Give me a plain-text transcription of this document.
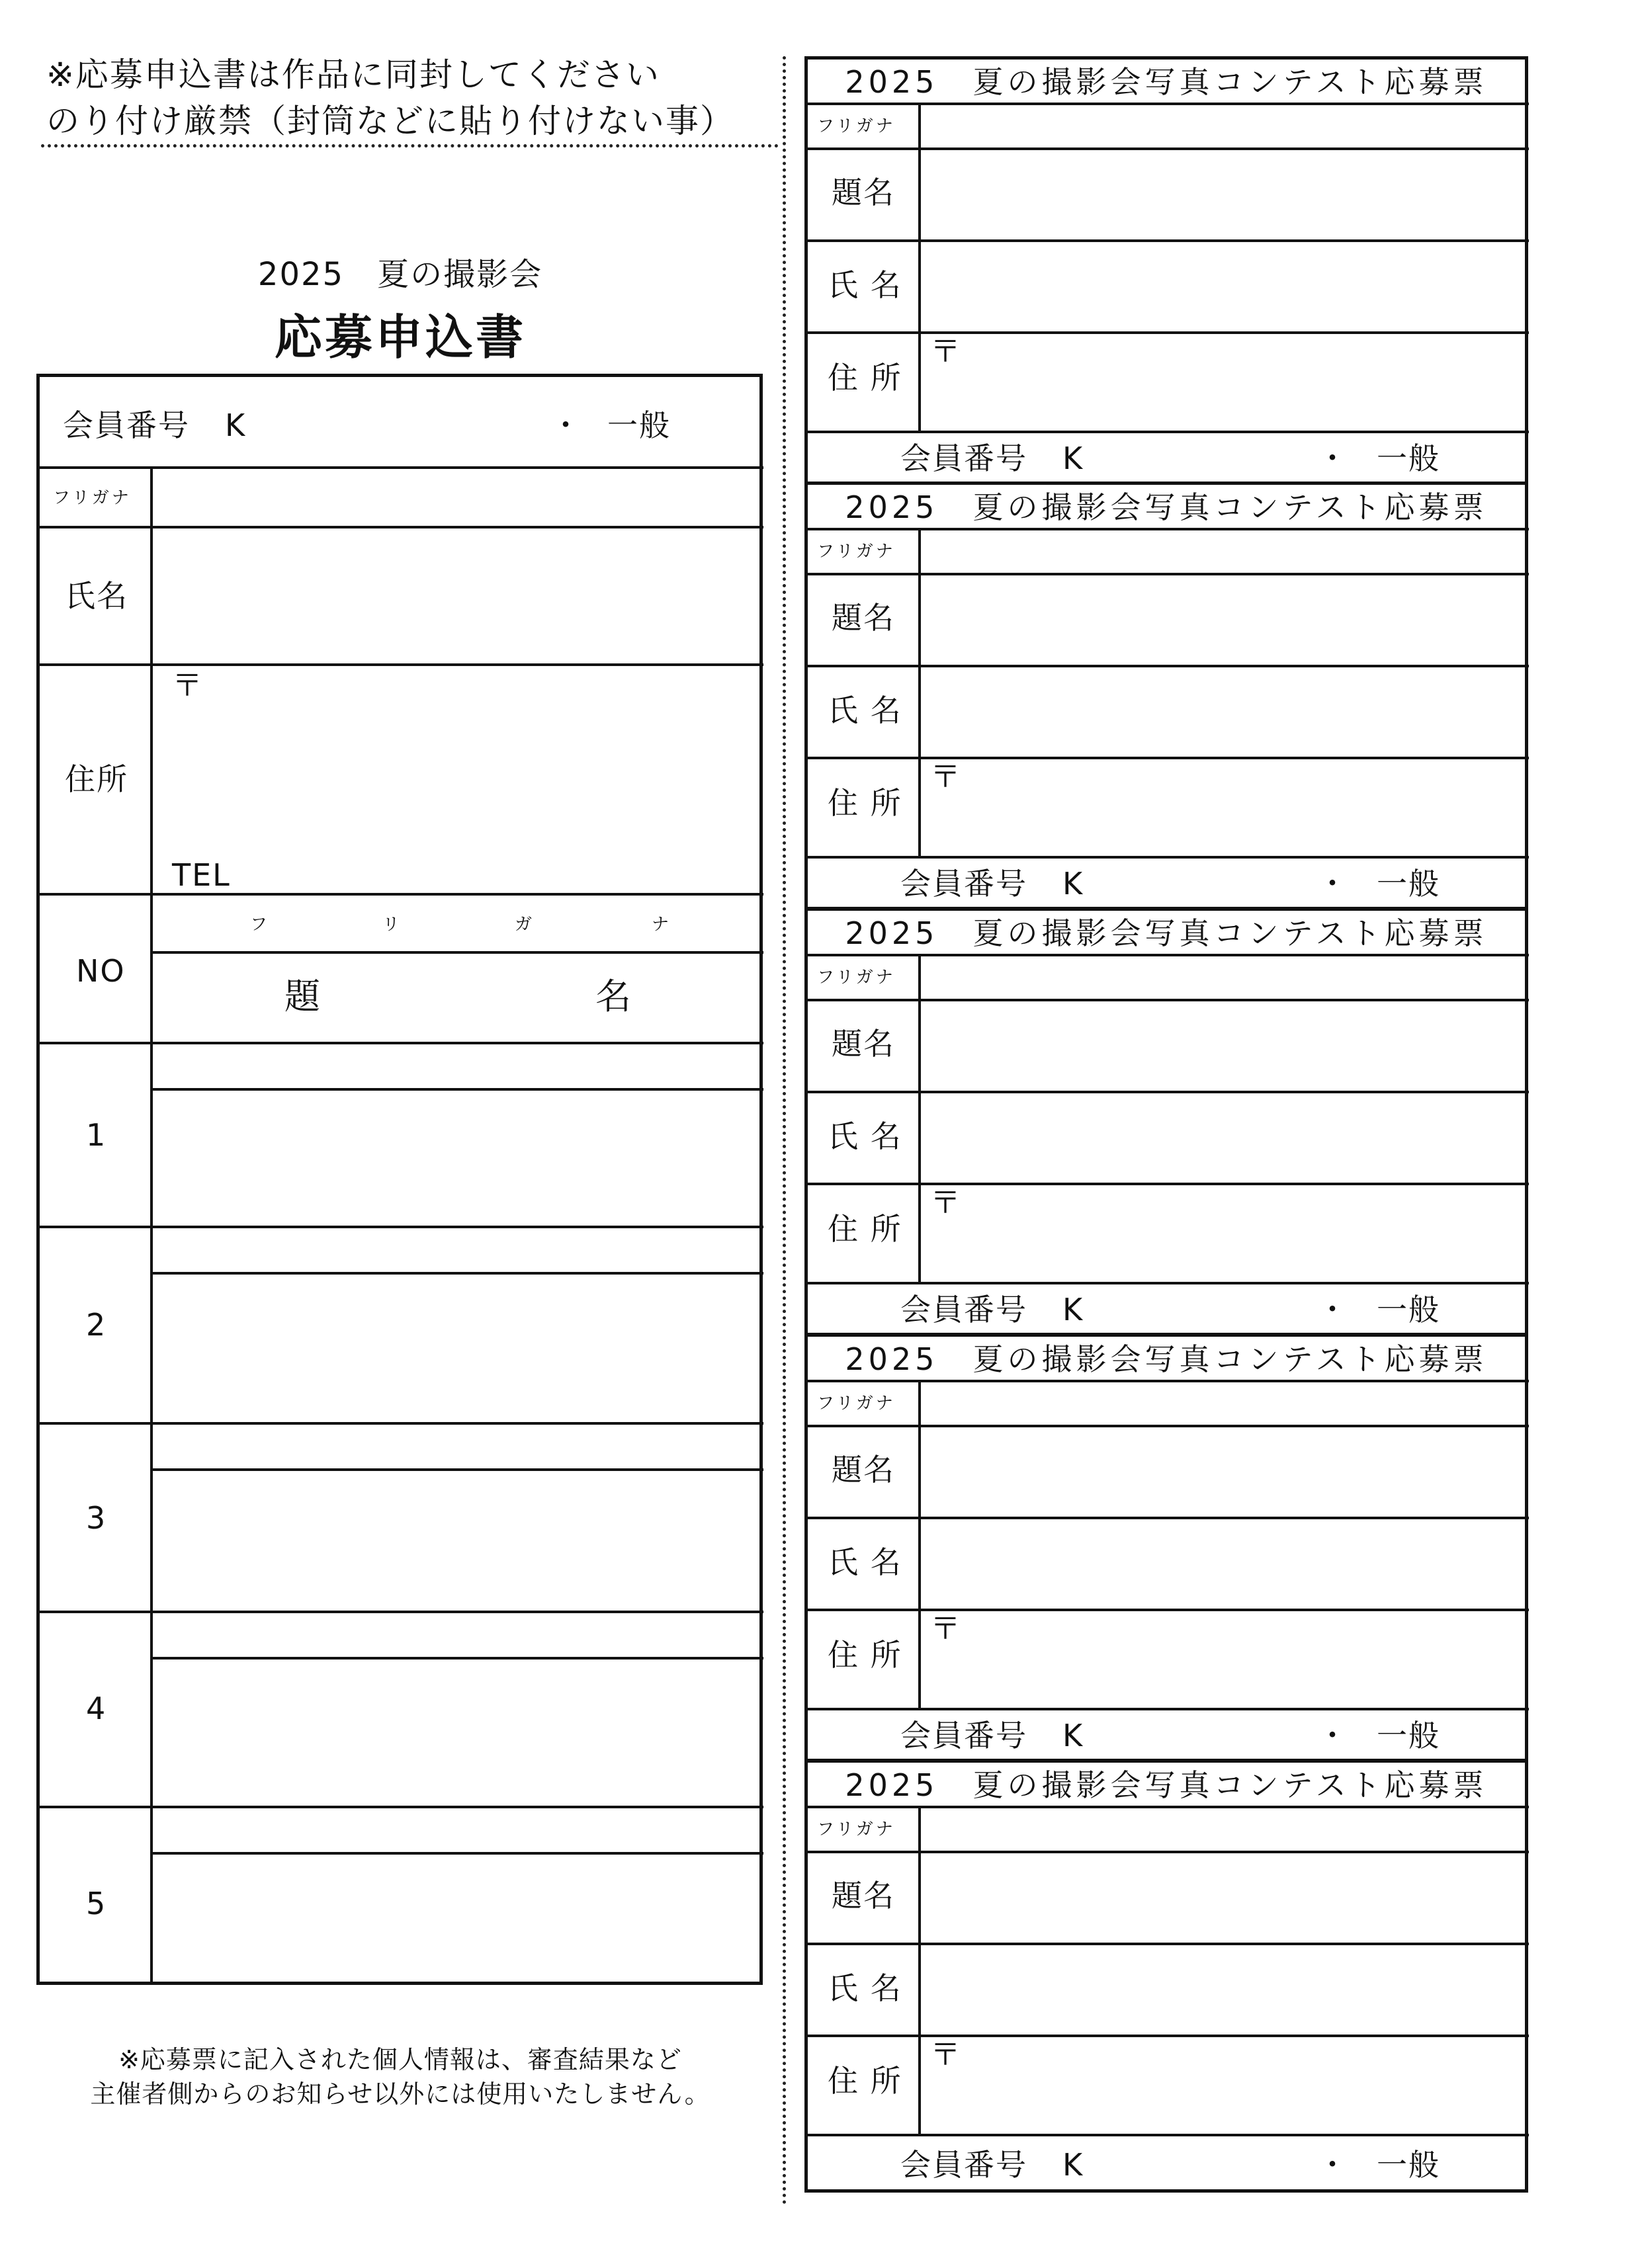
※応募申込書は作品に同封してください
のり付け厳禁（封筒などに貼り付けない事）
2025　夏の撮影会
応募申込書
会員番号 K	・ 一般
フリガナ
氏名
住所
〒
TEL
NO
フ	リ	ガ	ナ
題	名
1
2
3
4
5
※応募票に記入された個人情報は、審査結果など
主催者側からのお知らせ以外には使用いたしません。
2025　夏の撮影会写真コンテスト応募票
フリガナ
題名
氏 名
住 所
〒
会員番号 K	・ 一般
2025　夏の撮影会写真コンテスト応募票
フリガナ
題名
氏 名
住 所
〒
会員番号 K	・ 一般
2025　夏の撮影会写真コンテスト応募票
フリガナ
題名
氏 名
住 所
〒
会員番号 K	・ 一般
2025　夏の撮影会写真コンテスト応募票
フリガナ
題名
氏 名
住 所
〒
会員番号 K	・ 一般
2025　夏の撮影会写真コンテスト応募票
フリガナ
題名
氏 名
住 所
〒
会員番号 K	・ 一般
